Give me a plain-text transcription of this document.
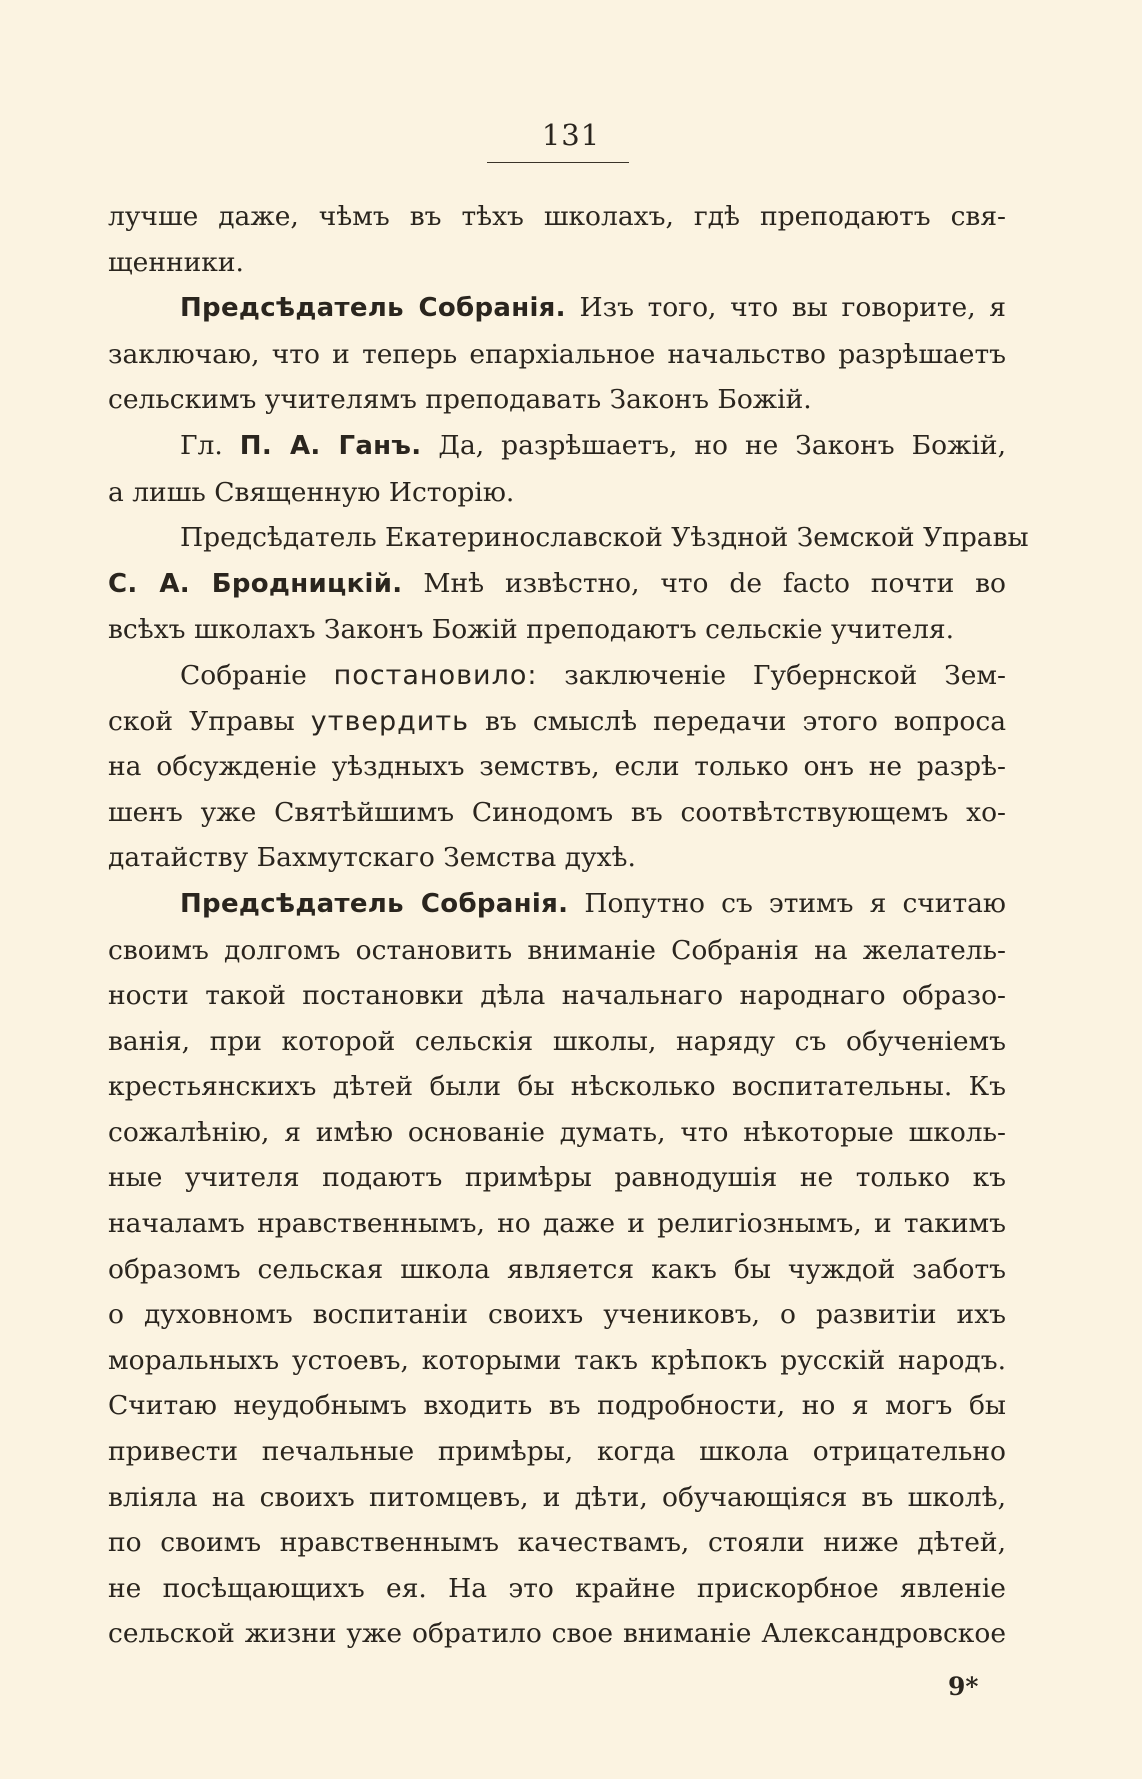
131

лучше даже, чѣмъ въ тѣхъ школахъ, гдѣ преподаютъ свя-
щенники.

Предсѣдатель Собранія. Изъ того, что вы говорите, я
заключаю, что и теперь епархіальное начальство разрѣшаетъ
сельскимъ учителямъ преподавать Законъ Божій.

Гл. П. А. Ганъ. Да, разрѣшаетъ, но не Законъ Божій,
а лишь Священную Исторію.

Предсѣдатель Екатеринославской Уѣздной Земской Управы
С. А. Бродницкій. Мнѣ извѣстно, что de facto почти во
всѣхъ школахъ Законъ Божій преподаютъ сельскіе учителя.

Собраніе постановило: заключеніе Губернской Зем-
ской Управы утвердить въ смыслѣ передачи этого вопроса
на обсужденіе уѣздныхъ земствъ, если только онъ не разрѣ-
шенъ уже Святѣйшимъ Синодомъ въ соотвѣтствующемъ хо-
датайству Бахмутскаго Земства духѣ.

Предсѣдатель Собранія. Попутно съ этимъ я считаю
своимъ долгомъ остановить вниманіе Собранія на желатель-
ности такой постановки дѣла начальнаго народнаго образо-
ванія, при которой сельскія школы, наряду съ обученіемъ
крестьянскихъ дѣтей были бы нѣсколько воспитательны. Къ
сожалѣнію, я имѣю основаніе думать, что нѣкоторые школь-
ные учителя подаютъ примѣры равнодушія не только къ
началамъ нравственнымъ, но даже и религіознымъ, и такимъ
образомъ сельская школа является какъ бы чуждой заботъ
о духовномъ воспитаніи своихъ учениковъ, о развитіи ихъ
моральныхъ устоевъ, которыми такъ крѣпокъ русскій народъ.
Считаю неудобнымъ входить въ подробности, но я могъ бы
привести печальные примѣры, когда школа отрицательно
вліяла на своихъ питомцевъ, и дѣти, обучающіяся въ школѣ,
по своимъ нравственнымъ качествамъ, стояли ниже дѣтей,
не посѣщающихъ ея. На это крайне прискорбное явленіе
сельской жизни уже обратило свое вниманіе Александровское

9*
